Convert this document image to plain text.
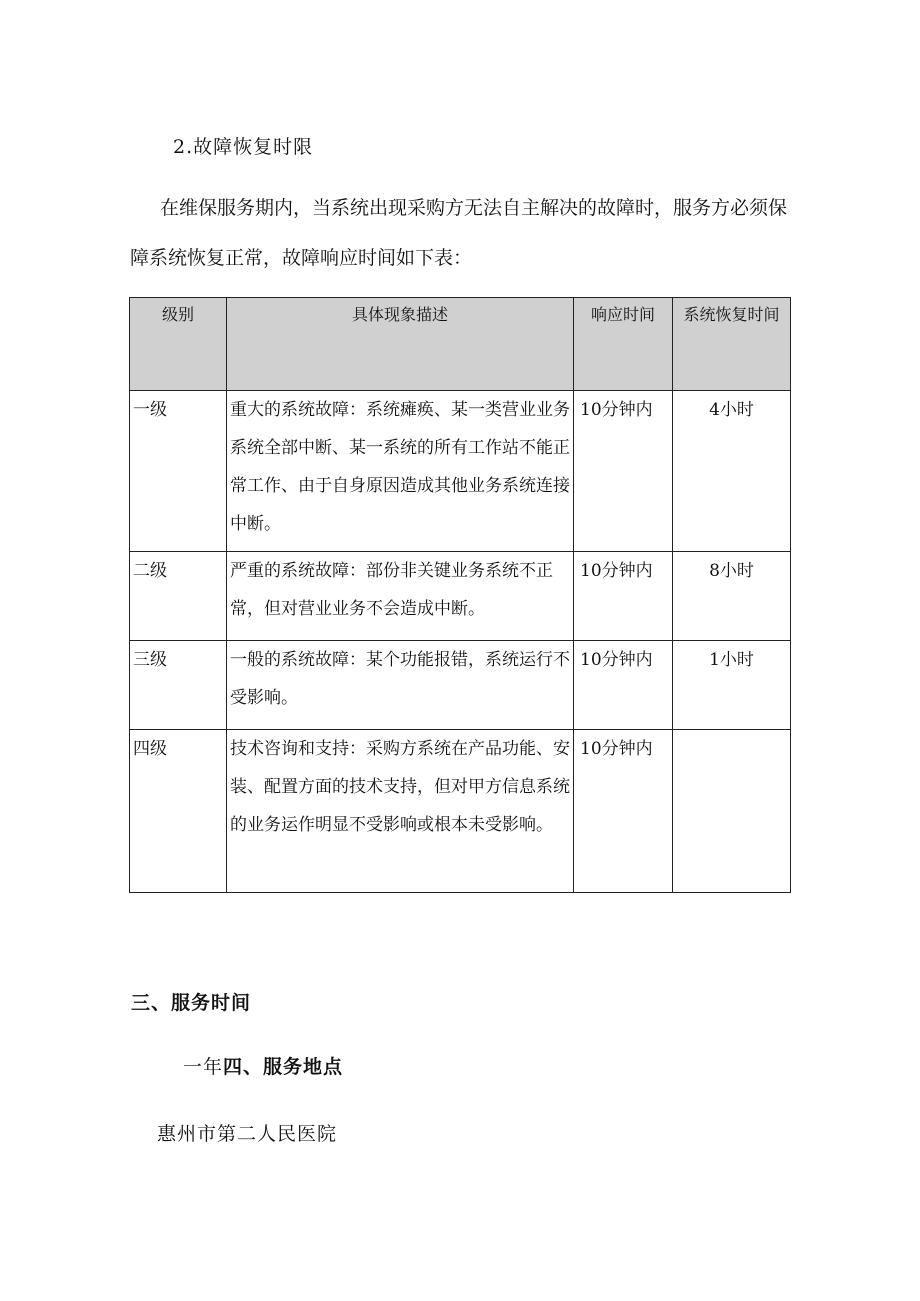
2.故障恢复时限
在维保服务期内，当系统出现采购方无法自主解决的故障时，服务方必须保障系统恢复正常，故障响应时间如下表：
级别	具体现象描述	响应时间	系统恢复时间
一级	重大的系统故障：系统瘫痪、某一类营业业务系统全部中断、某一系统的所有工作站不能正常工作、由于自身原因造成其他业务系统连接中断。	10分钟内	4小时
二级	严重的系统故障：部份非关键业务系统不正常，但对营业业务不会造成中断。	10分钟内	8小时
三级	一般的系统故障：某个功能报错，系统运行不受影响。	10分钟内	1小时
四级	技术咨询和支持：采购方系统在产品功能、安装、配置方面的技术支持，但对甲方信息系统的业务运作明显不受影响或根本未受影响。	10分钟内	
三、服务时间
一年四、服务地点
惠州市第二人民医院
